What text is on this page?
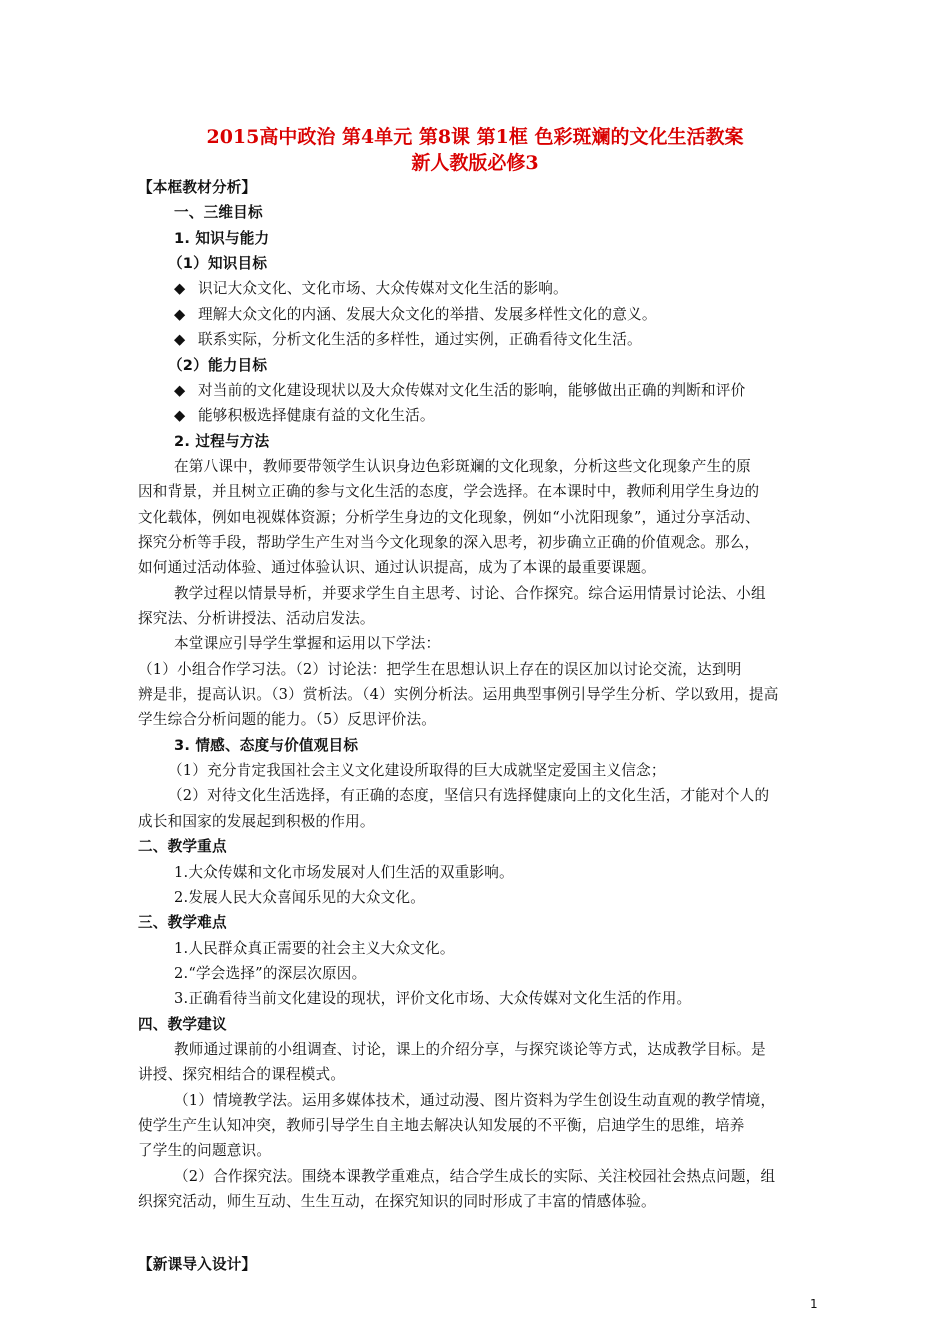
2015高中政治 第4单元 第8课 第1框 色彩斑斓的文化生活教案
新人教版必修3
【本框教材分析】
一、三维目标
1. 知识与能力
（1）知识目标
◆ 识记大众文化、文化市场、大众传媒对文化生活的影响。
◆ 理解大众文化的内涵、发展大众文化的举措、发展多样性文化的意义。
◆ 联系实际，分析文化生活的多样性，通过实例，正确看待文化生活。
（2）能力目标
◆ 对当前的文化建设现状以及大众传媒对文化生活的影响，能够做出正确的判断和评价
◆ 能够积极选择健康有益的文化生活。
2. 过程与方法
在第八课中，教师要带领学生认识身边色彩斑斓的文化现象，分析这些文化现象产生的原
因和背景，并且树立正确的参与文化生活的态度，学会选择。在本课时中，教师利用学生身边的
文化载体，例如电视媒体资源；分析学生身边的文化现象，例如“小沈阳现象”，通过分享活动、
探究分析等手段，帮助学生产生对当今文化现象的深入思考，初步确立正确的价值观念。那么，
如何通过活动体验、通过体验认识、通过认识提高，成为了本课的最重要课题。
教学过程以情景导析，并要求学生自主思考、讨论、合作探究。综合运用情景讨论法、小组
探究法、分析讲授法、活动启发法。
本堂课应引导学生掌握和运用以下学法：
（1）小组合作学习法。（2）讨论法：把学生在思想认识上存在的误区加以讨论交流，达到明
辨是非，提高认识。（3）赏析法。（4）实例分析法。运用典型事例引导学生分析、学以致用，提高
学生综合分析问题的能力。（5）反思评价法。
3. 情感、态度与价值观目标
（1）充分肯定我国社会主义文化建设所取得的巨大成就坚定爱国主义信念；
（2）对待文化生活选择，有正确的态度，坚信只有选择健康向上的文化生活，才能对个人的
成长和国家的发展起到积极的作用。
二、教学重点
1.大众传媒和文化市场发展对人们生活的双重影响。
2.发展人民大众喜闻乐见的大众文化。
三、教学难点
1.人民群众真正需要的社会主义大众文化。
2.“学会选择”的深层次原因。
3.正确看待当前文化建设的现状，评价文化市场、大众传媒对文化生活的作用。
四、教学建议
教师通过课前的小组调查、讨论，课上的介绍分享，与探究谈论等方式，达成教学目标。是
讲授、探究相结合的课程模式。
（1）情境教学法。运用多媒体技术，通过动漫、图片资料为学生创设生动直观的教学情境，
使学生产生认知冲突，教师引导学生自主地去解决认知发展的不平衡，启迪学生的思维，培养
了学生的问题意识。
（2）合作探究法。围绕本课教学重难点，结合学生成长的实际、关注校园社会热点问题，组
织探究活动，师生互动、生生互动，在探究知识的同时形成了丰富的情感体验。
【新课导入设计】
1
